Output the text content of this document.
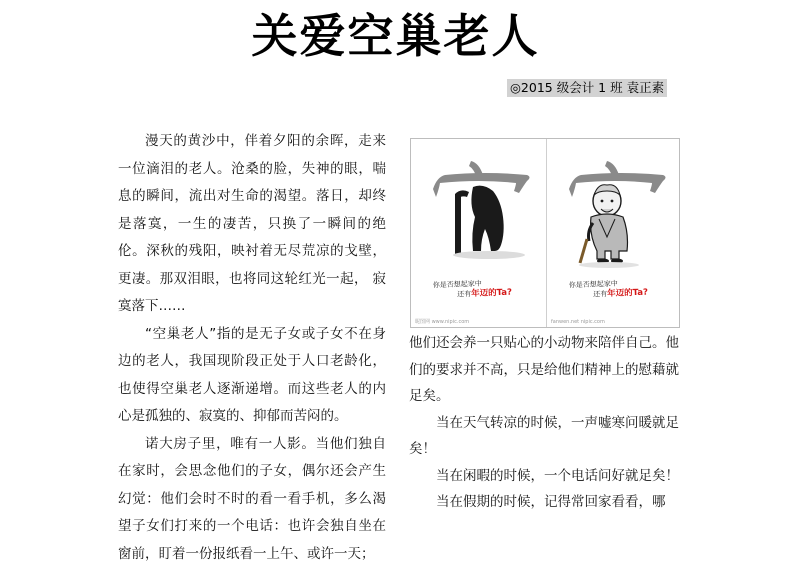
关爱空巢老人
◎2015 级会计 1 班 袁正素

漫天的黄沙中，伴着夕阳的余晖，走来一位滴泪的老人。沧桑的脸，失神的眼，喘息的瞬间，流出对生命的渴望。落日，却终是落寞，一生的凄苦，只换了一瞬间的绝伦。深秋的残阳，映衬着无尽荒凉的戈壁，更凄。那双泪眼，也将同这轮红光一起， 寂寞落下……

“空巢老人”指的是无子女或子女不在身边的老人，我国现阶段正处于人口老龄化，也使得空巢老人逐渐递增。而这些老人的内心是孤独的、寂寞的、抑郁而苦闷的。

诺大房子里，唯有一人影。当他们独自在家时，会思念他们的子女，偶尔还会产生幻觉：他们会时不时的看一看手机，多么渴望子女们打来的一个电话：也许会独自坐在窗前，盯着一份报纸看一上午、或许一天；

你是否想起家中
还有年迈的Ta?
昵图网 www.nipic.com
你是否想起家中
还有年迈的Ta?
fanwen.net nipic.com

他们还会养一只贴心的小动物来陪伴自己。他们的要求并不高，只是给他们精神上的慰藉就足矣。

当在天气转凉的时候，一声嘘寒问暖就足矣！

当在闲暇的时候，一个电话问好就足矣！

当在假期的时候，记得常回家看看，哪
